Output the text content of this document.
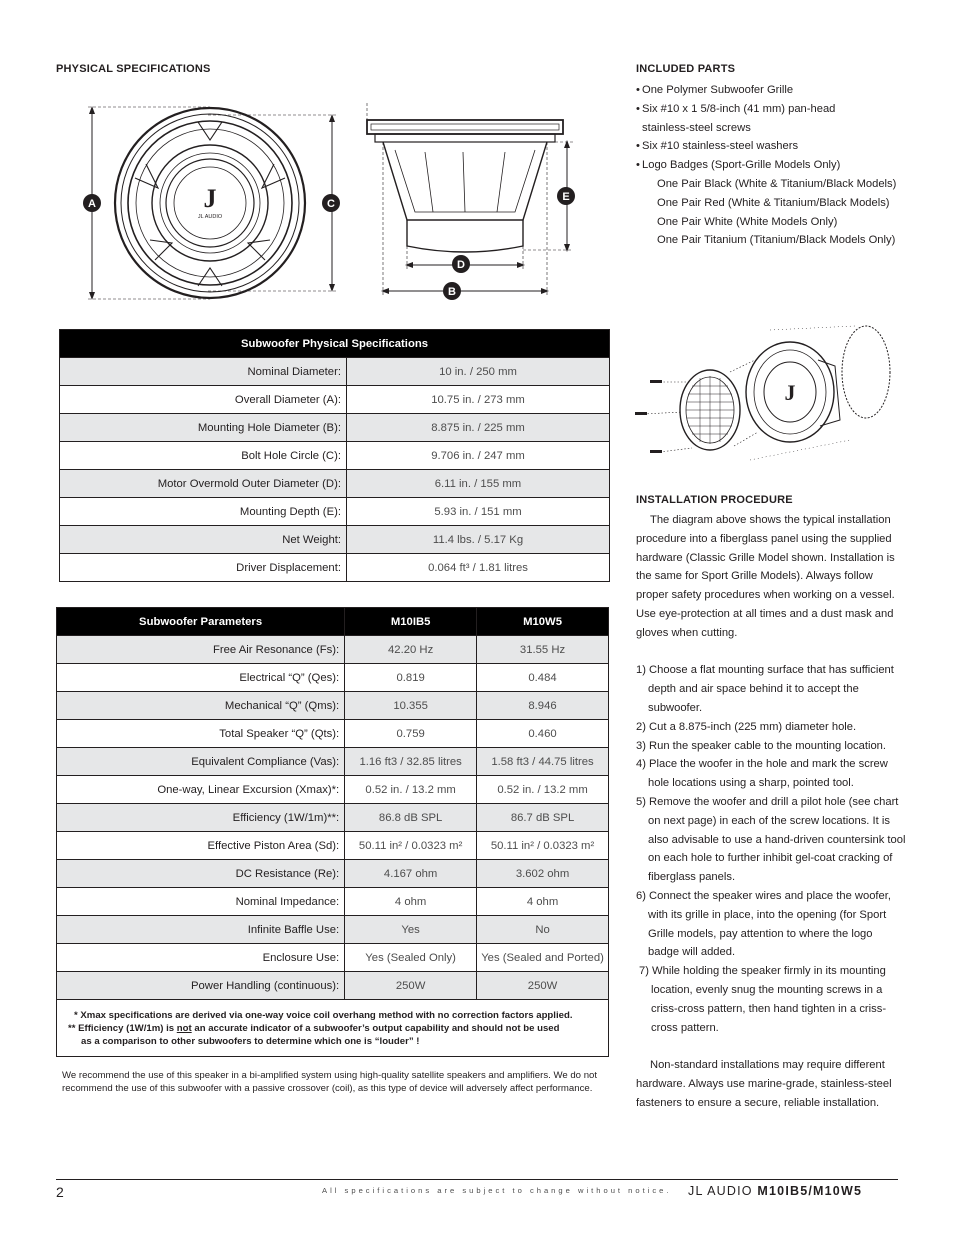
PHYSICAL SPECIFICATIONS
J
JL AUDIO
A	C
D
B
E
INCLUDED PARTS
• One Polymer Subwoofer Grille
• Six #10 x 1 5/8-inch (41 mm) pan-head
stainless-steel screws
• Six #10 stainless-steel washers
• Logo Badges (Sport-Grille Models Only)
One Pair Black (White & Titanium/Black Models)
One Pair Red (White & Titanium/Black Models)
One Pair White (White Models Only)
One Pair Titanium (Titanium/Black Models Only)
Subwoofer Physical Specifications	
Nominal Diameter:	10 in. / 250 mm
Overall Diameter (A):	10.75 in. / 273 mm
Mounting Hole Diameter (B):	8.875 in. / 225 mm
Bolt Hole Circle (C):	9.706 in. / 247 mm
Motor Overmold Outer Diameter (D):	6.11 in. / 155 mm
Mounting Depth (E):	5.93 in. / 151 mm
Net Weight:	11.4 lbs. / 5.17 Kg
Driver Displacement:	0.064 ft³ / 1.81 litres
Subwoofer Parameters	M10IB5	M10W5
Free Air Resonance (Fs):	42.20 Hz	31.55 Hz
Electrical “Q” (Qes):	0.819	0.484
Mechanical “Q” (Qms):	10.355	8.946
Total Speaker “Q” (Qts):	0.759	0.460
Equivalent Compliance (Vas):	1.16 ft3 / 32.85 litres	1.58 ft3 / 44.75 litres
One-way, Linear Excursion (Xmax)*:	0.52 in. / 13.2 mm	0.52 in. / 13.2 mm
Efficiency (1W/1m)**:	86.8 dB SPL	86.7 dB SPL
Effective Piston Area (Sd):	50.11 in² / 0.0323 m²	50.11 in² / 0.0323 m²
DC Resistance (Re):	4.167 ohm	3.602 ohm
Nominal Impedance:	4 ohm	4 ohm
Infinite Baffle Use:	Yes	No
Enclosure Use:	Yes (Sealed Only)	Yes (Sealed and Ported)
Power Handling (continuous):	250W	250W
* Xmax specifications are derived via one-way voice coil overhang method with no correction factors applied.
** Efficiency (1W/1m) is not an accurate indicator of a subwoofer’s output capability and should not be used
as a comparison to other subwoofers to determine which one is “louder” !
We recommend the use of this speaker in a bi-amplified system using high-quality satellite speakers and amplifiers. We do not recommend the use of this subwoofer with a passive crossover (coil), as this type of device will adversely affect performance.
J
INSTALLATION PROCEDURE

The diagram above shows the typical installation procedure into a fiberglass panel using the supplied hardware (Classic Grille Model shown. Installation is the same for Sport Grille Models). Always follow proper safety procedures when working on a vessel. Use eye-protection at all times and a dust mask and gloves when cutting.

1) Choose a flat mounting surface that has sufficient depth and air space behind it to accept the subwoofer.

2) Cut a 8.875-inch (225 mm) diameter hole.

3) Run the speaker cable to the mounting location.

4) Place the woofer in the hole and mark the screw hole locations using a sharp, pointed tool.

5) Remove the woofer and drill a pilot hole (see chart on next page) in each of the screw locations. It is also advisable to use a hand-driven countersink tool on each hole to further inhibit gel-coat cracking of fiberglass panels.

6) Connect the speaker wires and place the woofer, with its grille in place, into the opening (for Sport Grille models, pay attention to where the logo badge will added.

7) While holding the speaker firmly in its mounting location, evenly snug the mounting screws in a criss-cross pattern, then hand tighten in a criss-cross pattern.

Non-standard installations may require different hardware. Always use marine-grade, stainless-steel fasteners to ensure a secure, reliable installation.

2	All specifications are subject to change without notice. JL AUDIO M10IB5/M10W5
